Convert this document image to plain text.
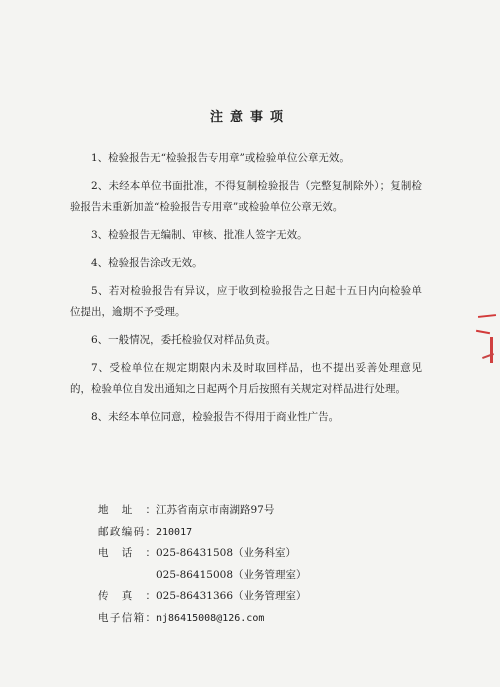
注意事项

1、检验报告无“检验报告专用章”或检验单位公章无效。

2、未经本单位书面批准，不得复制检验报告（完整复制除外）；复制检验报告未重新加盖“检验报告专用章”或检验单位公章无效。

3、检验报告无编制、审核、批准人签字无效。

4、检验报告涂改无效。

5、若对检验报告有异议，应于收到检验报告之日起十五日内向检验单位提出，逾期不予受理。

6、一般情况，委托检验仅对样品负责。

7、受检单位在规定期限内未及时取回样品，也不提出妥善处理意见的，检验单位自发出通知之日起两个月后按照有关规定对样品进行处理。

8、未经本单位同意，检验报告不得用于商业性广告。

地址： 江苏省南京市南湖路97号
邮政编码： 210017
电话： 025-86431508（业务科室）
025-86415008（业务管理室）
传真： 025-86431366（业务管理室）
电子信箱： nj86415008@126.com
